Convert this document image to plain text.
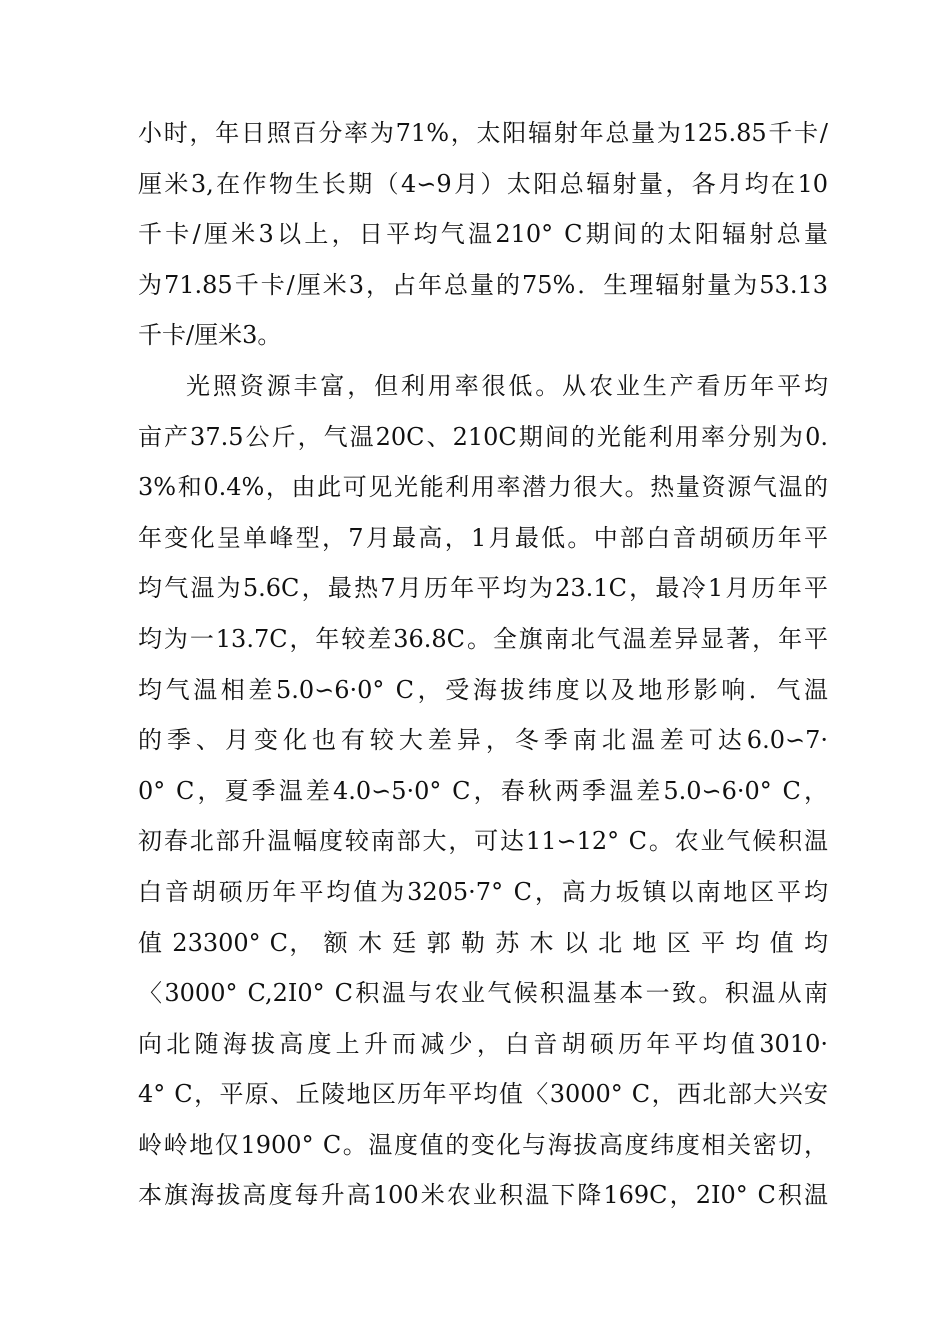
小时，年日照百分率为71%，太阳辐射年总量为125.85千卡/
厘米3,在作物生长期（4∽9月）太阳总辐射量，各月均在10
千卡/厘米3以上，日平均气温210° C期间的太阳辐射总量
为71.85千卡/厘米3，占年总量的75%．生理辐射量为53.13
千卡/厘米3。
光照资源丰富，但利用率很低。从农业生产看历年平均
亩产37.5公斤，气温20C、210C期间的光能利用率分别为0.
3%和0.4%，由此可见光能利用率潜力很大。热量资源气温的
年变化呈单峰型，7月最高，1月最低。中部白音胡硕历年平
均气温为5.6C，最热7月历年平均为23.1C，最冷1月历年平
均为一13.7C，年较差36.8C。全旗南北气温差异显著，年平
均气温相差5.0∽6·0° C，受海拔纬度以及地形影响．气温
的季、月变化也有较大差异，冬季南北温差可达6.0∽7·
0° C，夏季温差4.0∽5·0° C，春秋两季温差5.0∽6·0° C，
初春北部升温幅度较南部大，可达11∽12° C。农业气候积温
白音胡硕历年平均值为3205·7° C，高力坂镇以南地区平均
值 23300° C， 额 木 廷 郭 勒 苏 木 以 北 地 区 平 均 值 均
〈3000° C,2I0° C积温与农业气候积温基本一致。积温从南
向北随海拔高度上升而减少，白音胡硕历年平均值3010·
4° C，平原、丘陵地区历年平均值〈3000° C，西北部大兴安
岭岭地仅1900° C。温度值的变化与海拔高度纬度相关密切，
本旗海拔高度每升高100米农业积温下降169C，2I0° C积温
